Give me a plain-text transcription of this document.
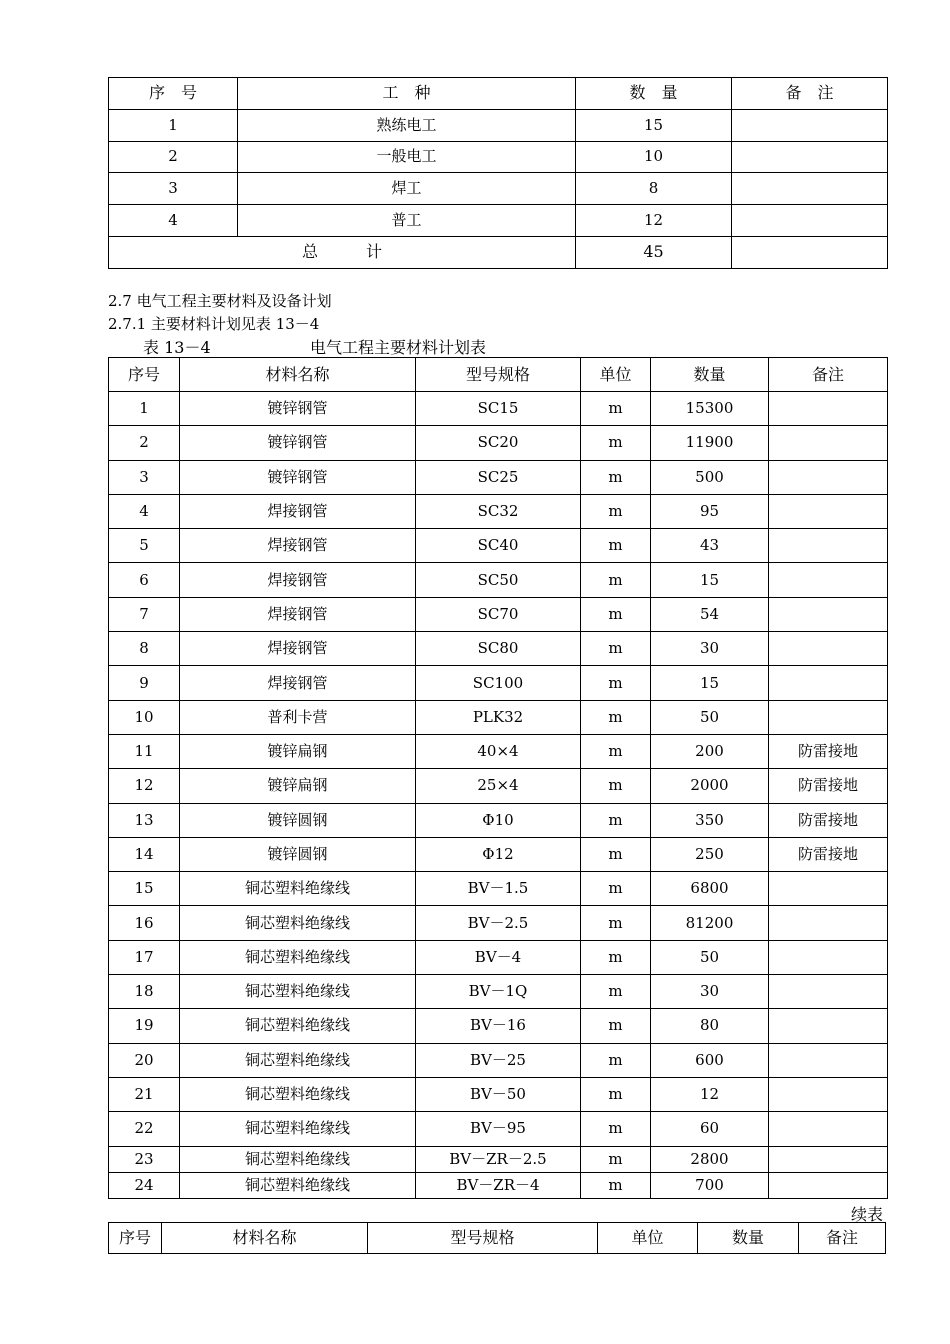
序　号	工　种	数　量	备　注
1	熟练电工	15	
2	一般电工	10	
3	焊工	8	
4	普工	12	
总　　　计		45	
2.7 电气工程主要材料及设备计划
2.7.1 主要材料计划见表 13－4
表 13－4	电气工程主要材料计划表
序号	材料名称	型号规格	单位	数量	备注
1	镀锌钢管	SC15	m	15300	
2	镀锌钢管	SC20	m	11900	
3	镀锌钢管	SC25	m	500	
4	焊接钢管	SC32	m	95	
5	焊接钢管	SC40	m	43	
6	焊接钢管	SC50	m	15	
7	焊接钢管	SC70	m	54	
8	焊接钢管	SC80	m	30	
9	焊接钢管	SC100	m	15	
10	普利卡营	PLK32	m	50	
11	镀锌扁钢	40×4	m	200	防雷接地
12	镀锌扁钢	25×4	m	2000	防雷接地
13	镀锌圆钢	Φ10	m	350	防雷接地
14	镀锌圆钢	Φ12	m	250	防雷接地
15	铜芯塑料绝缘线	BV－1.5	m	6800	
16	铜芯塑料绝缘线	BV－2.5	m	81200	
17	铜芯塑料绝缘线	BV－4	m	50	
18	铜芯塑料绝缘线	BV－1Q	m	30	
19	铜芯塑料绝缘线	BV－16	m	80	
20	铜芯塑料绝缘线	BV－25	m	600	
21	铜芯塑料绝缘线	BV－50	m	12	
22	铜芯塑料绝缘线	BV－95	m	60	
23	铜芯塑料绝缘线	BV－ZR－2.5	m	2800	
24	铜芯塑料绝缘线	BV－ZR－4	m	700	
续表
序号	材料名称	型号规格	单位	数量	备注
